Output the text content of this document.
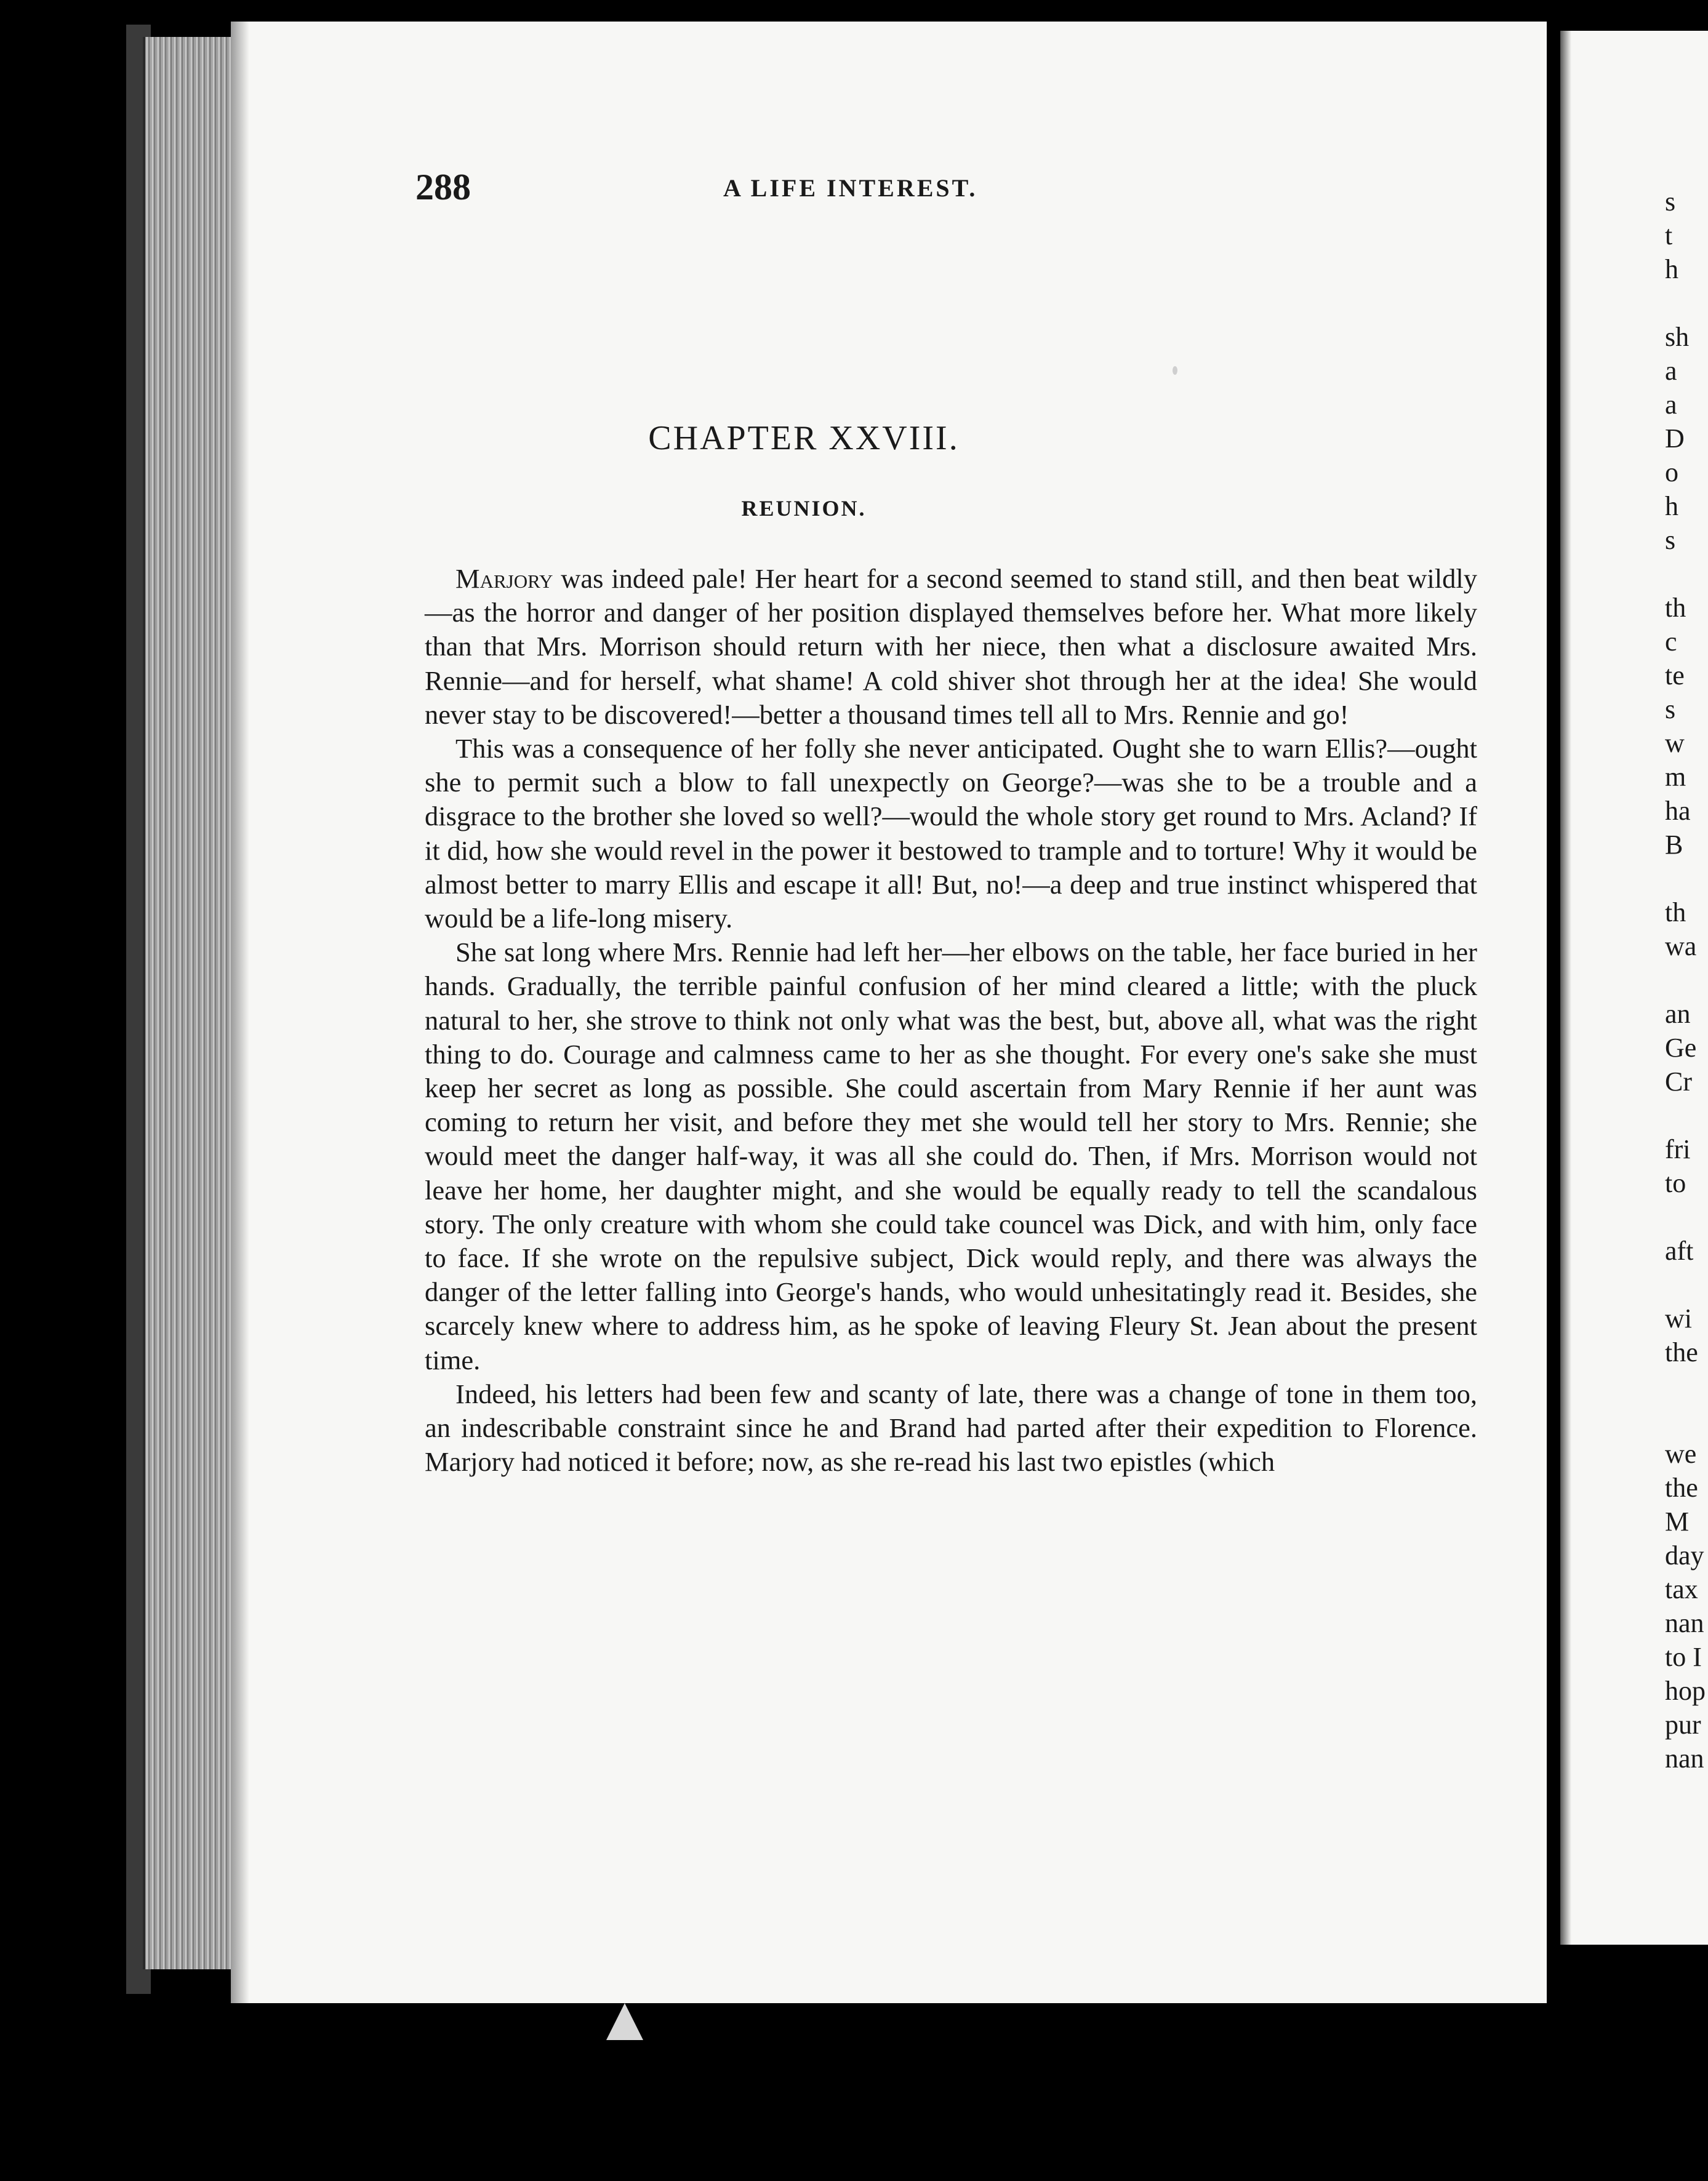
288	A LIFE INTEREST.
CHAPTER XXVIII.
REUNION.

Marjory was indeed pale! Her heart for a second seemed to stand still, and then beat wildly—as the horror and danger of her position displayed themselves before her. What more likely than that Mrs. Morrison should return with her niece, then what a disclosure awaited Mrs. Rennie—and for herself, what shame! A cold shiver shot through her at the idea! She would never stay to be discovered!—better a thousand times tell all to Mrs. Rennie and go!

This was a consequence of her folly she never anticipated. Ought she to warn Ellis?—ought she to permit such a blow to fall unexpectly on George?—was she to be a trouble and a disgrace to the brother she loved so well?—would the whole story get round to Mrs. Acland? If it did, how she would revel in the power it bestowed to trample and to torture! Why it would be almost better to marry Ellis and escape it all! But, no!—a deep and true instinct whispered that would be a life-long misery.

She sat long where Mrs. Rennie had left her—her elbows on the table, her face buried in her hands. Gradually, the terrible painful confusion of her mind cleared a little; with the pluck natural to her, she strove to think not only what was the best, but, above all, what was the right thing to do. Courage and calmness came to her as she thought. For every one's sake she must keep her secret as long as possible. She could ascertain from Mary Rennie if her aunt was coming to return her visit, and before they met she would tell her story to Mrs. Rennie; she would meet the danger half-way, it was all she could do. Then, if Mrs. Morrison would not leave her home, her daughter might, and she would be equally ready to tell the scandalous story. The only creature with whom she could take councel was Dick, and with him, only face to face. If she wrote on the repulsive subject, Dick would reply, and there was always the danger of the letter falling into George's hands, who would unhesitatingly read it. Besides, she scarcely knew where to address him, as he spoke of leaving Fleury St. Jean about the present time.

Indeed, his letters had been few and scanty of late, there was a change of tone in them too, an indescribable constraint since he and Brand had parted after their expedition to Florence. Marjory had noticed it before; now, as she re-read his last two epistles (which

s
t
h
sh
a
a
D
o
h
s
th
c
te
s
w
m
ha
B
th
wa
an
Ge
Cr
fri
to
aft
wi
the
we
the
M
day
tax
nan
to I
hop
pur
nan
